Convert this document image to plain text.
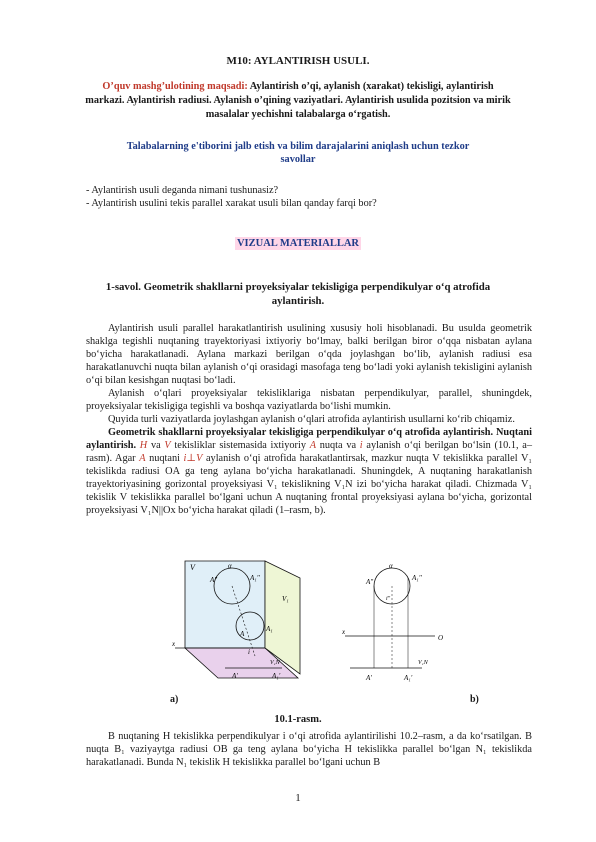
M10: AYLANTIRISH USULI.
O’quv mashg’ulotining maqsadi: Aylantirish o’qi, aylanish (xarakat) tekisligi, aylantirish markazi. Aylantirish radiusi. Aylanish o’qining vaziyatlari. Aylantirish usulida pozitsion va mirik masalalar yechishni talabalarga o‘rgatish.
Talabalarning e'tiborini jalb etish va bilim darajalarini aniqlash uchun tezkor savollar
- Aylantirish usuli deganda nimani tushunasiz?
- Aylantirish usulini tekis parallel xarakat usuli bilan qanday farqi bor?
VIZUAL MATERIALLAR
1-savol. Geometrik shakllarni proyeksiyalar tekisligiga perpendikulyar o‘q atrofida aylantirish.

Aylantirish usuli parallel harakatlantirish usulining xususiy holi hisoblanadi. Bu usulda geometrik shaklga tegishli nuqtaning trayektoriyasi ixtiyoriy bo‘lmay, balki berilgan biror o‘qqa nisbatan aylana bo‘yicha harakatlanadi. Aylana markazi berilgan o‘qda joylashgan bo‘lib, aylanish radiusi esa harakatlanuvchi nuqta bilan aylanish o‘qi orasidagi masofaga teng bo‘ladi yoki aylanish tekisligini aylanish o‘qi bilan kesishgan nuqtasi bo‘ladi.

Aylanish o‘qlari proyeksiyalar tekisliklariga nisbatan perpendikulyar, parallel, shuningdek, proyeksiyalar tekisligiga tegishli va boshqa vaziyatlarda bo‘lishi mumkin.

Quyida turli vaziyatlarda joylashgan aylanish o‘qlari atrofida aylantirish usullarni ko‘rib chiqamiz.

Geometrik shakllarni proyeksiyalar tekisligiga perpendikulyar o‘q atrofida aylantirish. Nuqtani aylantirish. H va V tekisliklar sistemasida ixtiyoriy A nuqta va i aylanish o‘qi berilgan bo‘lsin (10.1, a–rasm). Agar A nuqtani i⊥V aylanish o‘qi atrofida harakatlantirsak, mazkur nuqta V tekislikka parallel V₁ tekislikda radiusi OA ga teng aylana bo‘yicha harakatlanadi. Shuningdek, A nuqtaning harakatlanish trayektoriyasining gorizontal proyeksiyasi V₁ tekislikning V₁N izi bo‘yicha harakat qiladi. Chizmada V₁ tekislik V tekislikka parallel bo‘lgani uchun A nuqtaning frontal proyeksiyasi aylana bo‘yicha, gorizontal proyeksiyasi V₁N||Ox bo‘yicha harakat qiladi (1–rasm, b).

V
A"	A₁"
V₁
x
A
A₁
i
V₁N
A'	A₁'
α
x
A"	A₁"
O
V₁N
A'	A₁'
α
i"
a)	b)
10.1-rasm.

B nuqtaning H tekislikka perpendikulyar i o‘qi atrofida aylantirilishi 10.2–rasm, a da ko‘rsatilgan. B nuqta B₁ vaziyaytga radiusi OB ga teng aylana bo‘yicha H tekislikka parallel bo‘lgan N₁ tekislikda harakatlanadi. Bunda N₁ tekislik H tekislikka parallel bo‘lgani uchun B

1
